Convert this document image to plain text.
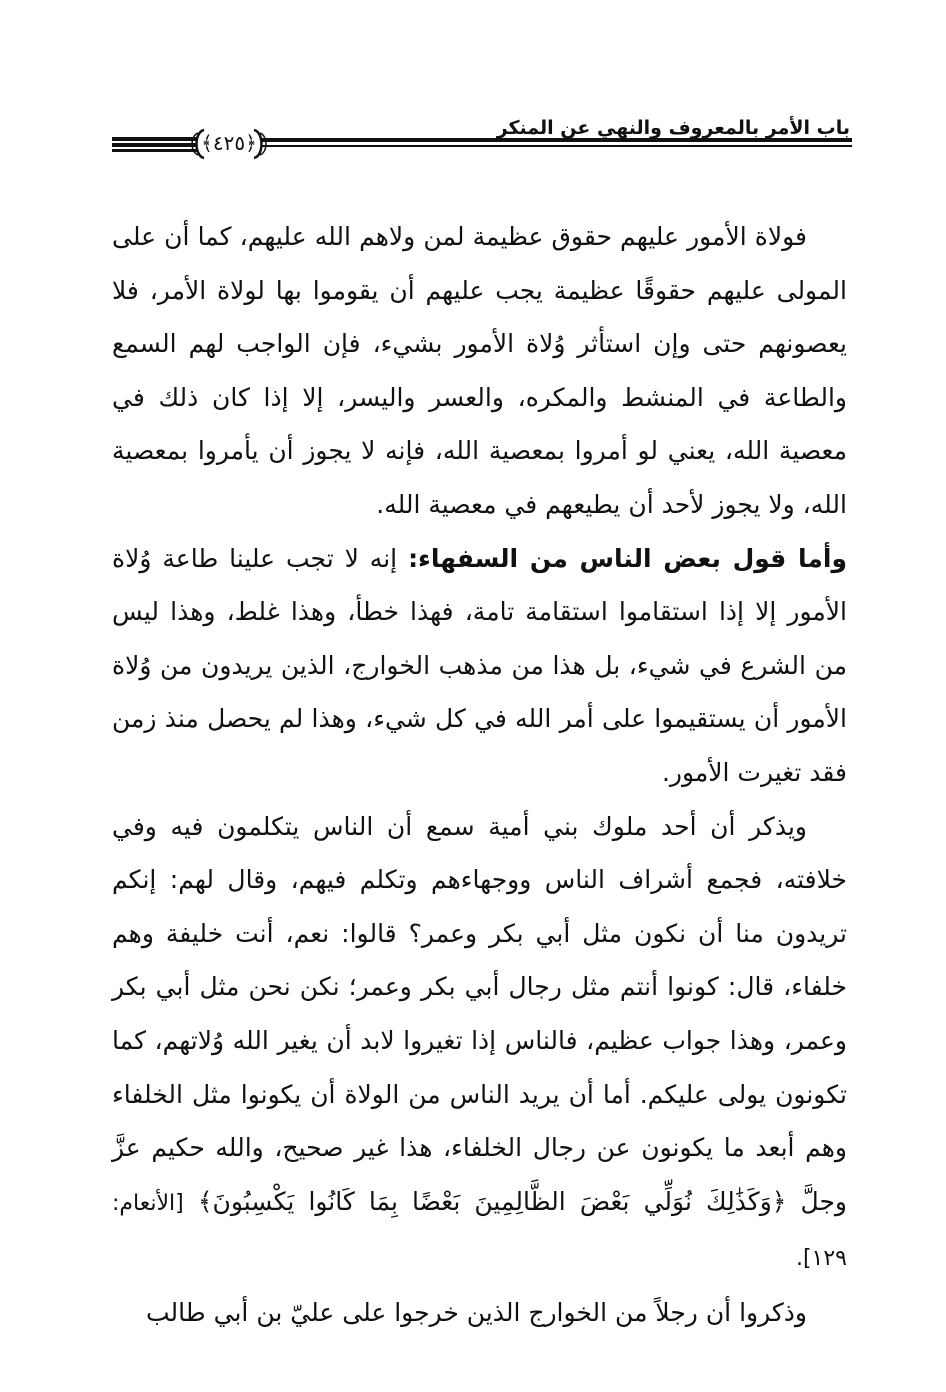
باب الأمر بالمعروف والنهي عن المنكر
﴿٤٢٥﴾

فولاة الأمور عليهم حقوق عظيمة لمن ولاهم الله عليهم، كما أن على المولى عليهم حقوقًا عظيمة يجب عليهم أن يقوموا بها لولاة الأمر، فلا يعصونهم حتى وإن استأثر وُلاة الأمور بشيء، فإن الواجب لهم السمع والطاعة في المنشط والمكره، والعسر واليسر، إلا إذا كان ذلك في معصية الله، يعني لو أمروا بمعصية الله، فإنه لا يجوز أن يأمروا بمعصية الله، ولا يجوز لأحد أن يطيعهم في معصية الله.

وأما قول بعض الناس من السفهاء: إنه لا تجب علينا طاعة وُلاة الأمور إلا إذا استقاموا استقامة تامة، فهذا خطأ، وهذا غلط، وهذا ليس من الشرع في شيء، بل هذا من مذهب الخوارج، الذين يريدون من وُلاة الأمور أن يستقيموا على أمر الله في كل شيء، وهذا لم يحصل منذ زمن فقد تغيرت الأمور.

ويذكر أن أحد ملوك بني أمية سمع أن الناس يتكلمون فيه وفي خلافته، فجمع أشراف الناس ووجهاءهم وتكلم فيهم، وقال لهم: إنكم تريدون منا أن نكون مثل أبي بكر وعمر؟ قالوا: نعم، أنت خليفة وهم خلفاء، قال: كونوا أنتم مثل رجال أبي بكر وعمر؛ نكن نحن مثل أبي بكر وعمر، وهذا جواب عظيم، فالناس إذا تغيروا لابد أن يغير الله وُلاتهم، كما تكونون يولى عليكم. أما أن يريد الناس من الولاة أن يكونوا مثل الخلفاء وهم أبعد ما يكونون عن رجال الخلفاء، هذا غير صحيح، والله حكيم عزَّ وجلَّ ﴿وَكَذَٰلِكَ نُوَلِّي بَعْضَ الظَّالِمِينَ بَعْضًا بِمَا كَانُوا يَكْسِبُونَ﴾ [الأنعام: ١٢٩].

وذكروا أن رجلاً من الخوارج الذين خرجوا على عليّ بن أبي طالب
